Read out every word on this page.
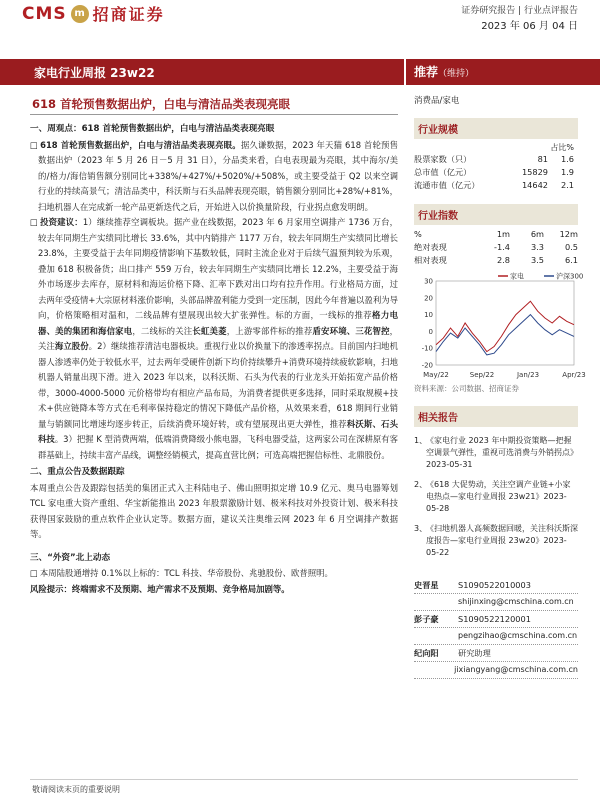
CMS m 招商证券	证券研究报告 | 行业点评报告
2023 年 06 月 04 日
家电行业周报 23w22	推荐（维持）
618 首轮预售数据出炉，白电与清洁品类表现亮眼
一、周观点：618 首轮预售数据出炉，白电与清洁品类表现亮眼
□ 618 首轮预售数据出炉，白电与清洁品类表现亮眼。据久谦数据，2023 年天猫 618 首轮预售数据出炉（2023 年 5 月 26 日－5 月 31 日），分品类来看，白电表现最为亮眼，其中海尔/美的/格力/海信销售额分别同比+338%/+427%/+5020%/+508%，或主要受益于 Q2 以来空调行业的持续高景气；清洁品类中，科沃斯与石头品牌表现亮眼，销售额分别同比+28%/+81%，扫地机器人在完成新一轮产品更新迭代之后，开始进入以价换量阶段，行业拐点愈发明朗。
□ 投资建议：1）继续推荐空调板块。据产业在线数据，2023 年 6 月家用空调排产 1736 万台，较去年同期生产实绩同比增长 33.6%，其中内销排产 1177 万台，较去年同期生产实绩同比增长 23.8%，主要受益于去年同期疫情影响下基数较低，同时主流企业对于后续气温预判较为乐观，叠加 618 积极备货；出口排产 559 万台，较去年同期生产实绩同比增长 12.2%，主要受益于海外市场逐步去库存，原材料和海运价格下降、汇率下跌对出口均有拉升作用。行业格局方面，过去两年受疫情+大宗原材料涨价影响，头部品牌盈利能力受到一定压制，因此今年普遍以盈利为导向，价格策略相对温和，二线品牌有望展现出较大扩张弹性。标的方面，一线标的推荐格力电器、美的集团和海信家电，二线标的关注长虹美菱，上游零部件标的推荐盾安环境、三花智控，关注海立股份。2）继续推荐清洁电器板块。重视行业以价换量下的渗透率拐点。目前国内扫地机器人渗透率仍处于较低水平，过去两年受硬件创新下均价持续攀升+消费环境持续疲软影响，扫地机器人销量出现下滑。进入 2023 年以来，以科沃斯、石头为代表的行业龙头开始拓宽产品价格带，3000-4000-5000 元价格带均有相应产品布局，为消费者提供更多选择，同时采取规模+技术+供应链降本等方式在毛利率保持稳定的情况下降低产品价格，从效果来看，618 期间行业销量与销额同比增速均逐步转正，后续消费环境好转，或有望展现出更大弹性，推荐科沃斯、石头科技。3）把握 K 型消费两端，低端消费降级小熊电器，飞科电器受益，这两家公司在深耕原有客群基础上，持续丰富产品线，调整经销模式，提高直营比例；可选高端把握信标性、北鼎股份。
二、重点公告及数据跟踪
本周重点公告及跟踪包括美的集团正式入主科陆电子、佛山照明拟定增 10.9 亿元、奥马电器筹划 TCL 家电重大资产重组、华宝新能推出 2023 年股票激励计划、极米科技对外投资计划、极米科技获得国家鼓励的重点软件企业认定等。数据方面，建议关注奥维云网 2023 年 6 月空调排产数据等。
三、“外资”北上动态
□ 本周陆股通增持 0.1%以上标的：TCL 科技、华帝股份、兆驰股份、欧普照明。
风险提示：终端需求不及预期、地产需求不及预期、竞争格局加剧等。
消费品/家电
行业规模
占比%
股票家数（只）	81	1.6
总市值（亿元）	15829	1.9
流通市值（亿元）	14642	2.1
行业指数
%	1m	6m	12m
绝对表现	-1.4	3.3	0.5
相对表现	2.8	3.5	6.1
30
20
10
0
-10
-20
May/22	Sep/22	Jan/23	Apr/23
家电	沪深300
资料来源：公司数据、招商证券
相关报告
1、
《家电行业 2023 年中期投资策略—把握空调景气弹性，重视可选消费与外销拐点》2023-05-31
2、
《618 大促势动，关注空调产业链+小家电热点—家电行业周报 23w21》2023-05-28
3、
《扫地机器人高频数据回暖，关注科沃斯深度报告—家电行业周报 23w20》2023-05-22
史晋星	S1090522010003
shijinxing@cmschina.com.cn
彭子豪	S1090522120001
pengzihao@cmschina.com.cn
纪向阳	研究助理
jixiangyang@cmschina.com.cn
敬请阅读末页的重要说明
